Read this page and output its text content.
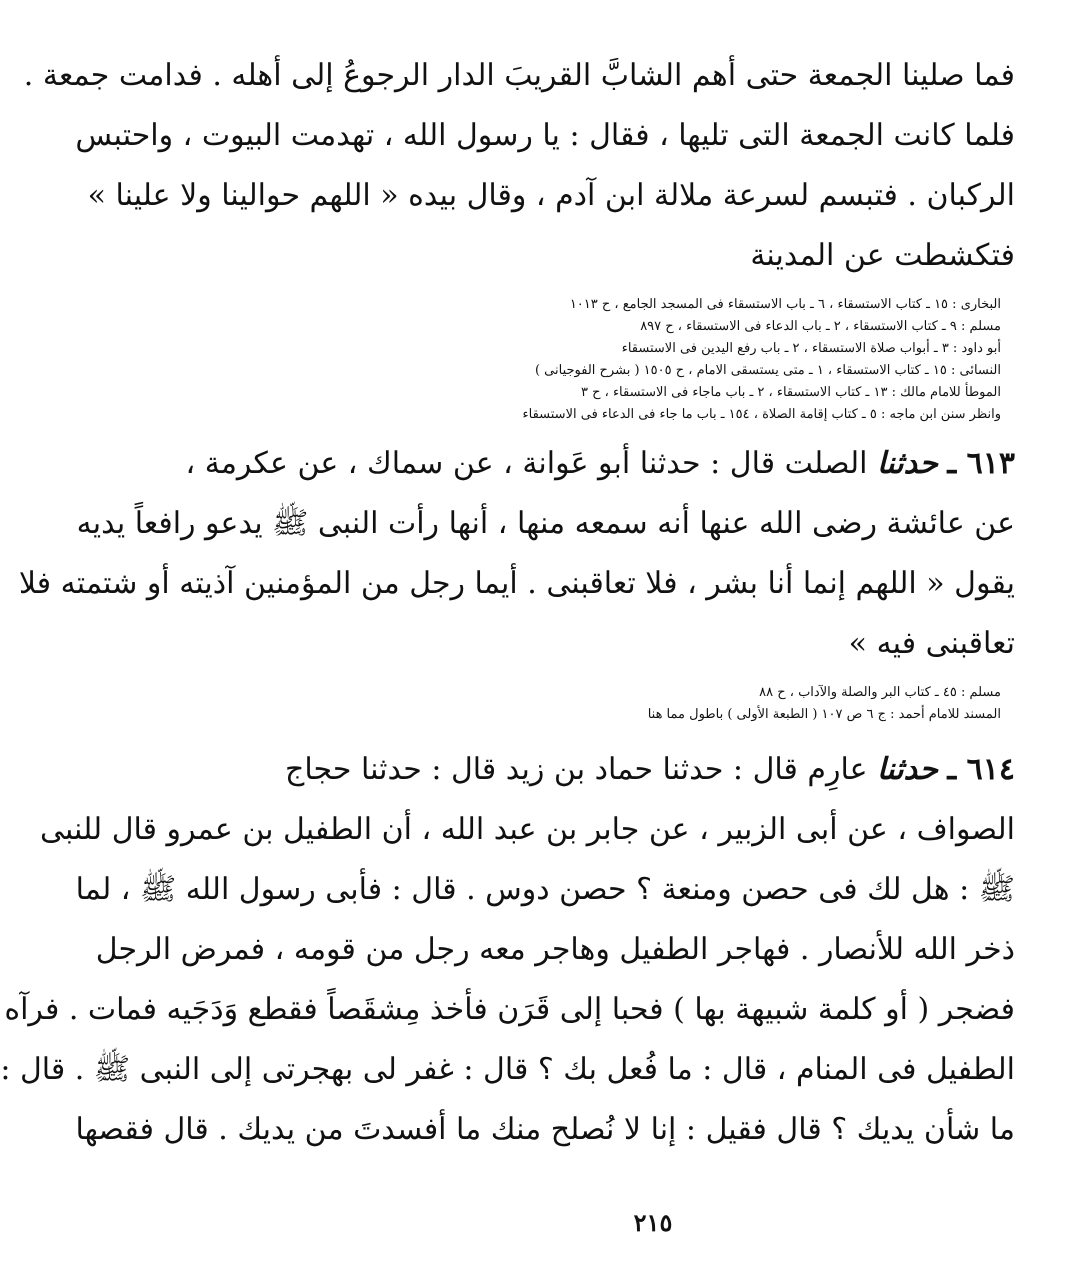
فما صلينا الجمعة حتى أهم الشابَّ القريبَ الدار الرجوعُ إلى أهله . فدامت جمعة .
فلما كانت الجمعة التى تليها ، فقال : يا رسول الله ، تهدمت البيوت ، واحتبس
الركبان . فتبسم لسرعة ملالة ابن آدم ، وقال بيده « اللهم حوالينا ولا علينا »
فتكشطت عن المدينة
البخارى : ١٥ ـ كتاب الاستسقاء ، ٦ ـ باب الاستسقاء فى المسجد الجامع ، ح ١٠١٣
مسلم : ٩ ـ كتاب الاستسقاء ، ٢ ـ باب الدعاء فى الاستسقاء ، ح ٨٩٧
أبو داود : ٣ ـ أبواب صلاة الاستسقاء ، ٢ ـ باب رفع اليدين فى الاستسقاء
النسائى : ١٥ ـ كتاب الاستسقاء ، ١ ـ متى يستسقى الامام ، ح ١٥٠٥ ( بشرح الفوجيانى )
الموطأ للامام مالك : ١٣ ـ كتاب الاستسقاء ، ٢ ـ باب ماجاء فى الاستسقاء ، ح ٣
وانظر سنن ابن ماجه : ٥ ـ كتاب إقامة الصلاة ، ١٥٤ ـ باب ما جاء فى الدعاء فى الاستسقاء
٦١٣ ـ حدثنا الصلت قال : حدثنا أبو عَوانة ، عن سماك ، عن عكرمة ،
عن عائشة رضى الله عنها أنه سمعه منها ، أنها رأت النبى ﷺ يدعو رافعاً يديه
يقول « اللهم إنما أنا بشر ، فلا تعاقبنى . أيما رجل من المؤمنين آذيته أو شتمته فلا
تعاقبنى فيه »
مسلم : ٤٥ ـ كتاب البر والصلة والآداب ، ح ٨٨
المسند للامام أحمد : ج ٦ ص ١٠٧ ( الطبعة الأولى ) باطول مما هنا
٦١٤ ـ حدثنا عارِم قال : حدثنا حماد بن زيد قال : حدثنا حجاج
الصواف ، عن أبى الزبير ، عن جابر بن عبد الله ، أن الطفيل بن عمرو قال للنبى
ﷺ : هل لك فى حصن ومنعة ؟ حصن دوس . قال : فأبى رسول الله ﷺ ، لما
ذخر الله للأنصار . فهاجر الطفيل وهاجر معه رجل من قومه ، فمرض الرجل
فضجر ( أو كلمة شبيهة بها ) فحبا إلى قَرَن فأخذ مِشقَصاً فقطع وَدَجَيه فمات . فرآه
الطفيل فى المنام ، قال : ما فُعل بك ؟ قال : غفر لى بهجرتى إلى النبى ﷺ . قال :
ما شأن يديك ؟ قال فقيل : إنا لا نُصلح منك ما أفسدتَ من يديك . قال فقصها
٢١٥
